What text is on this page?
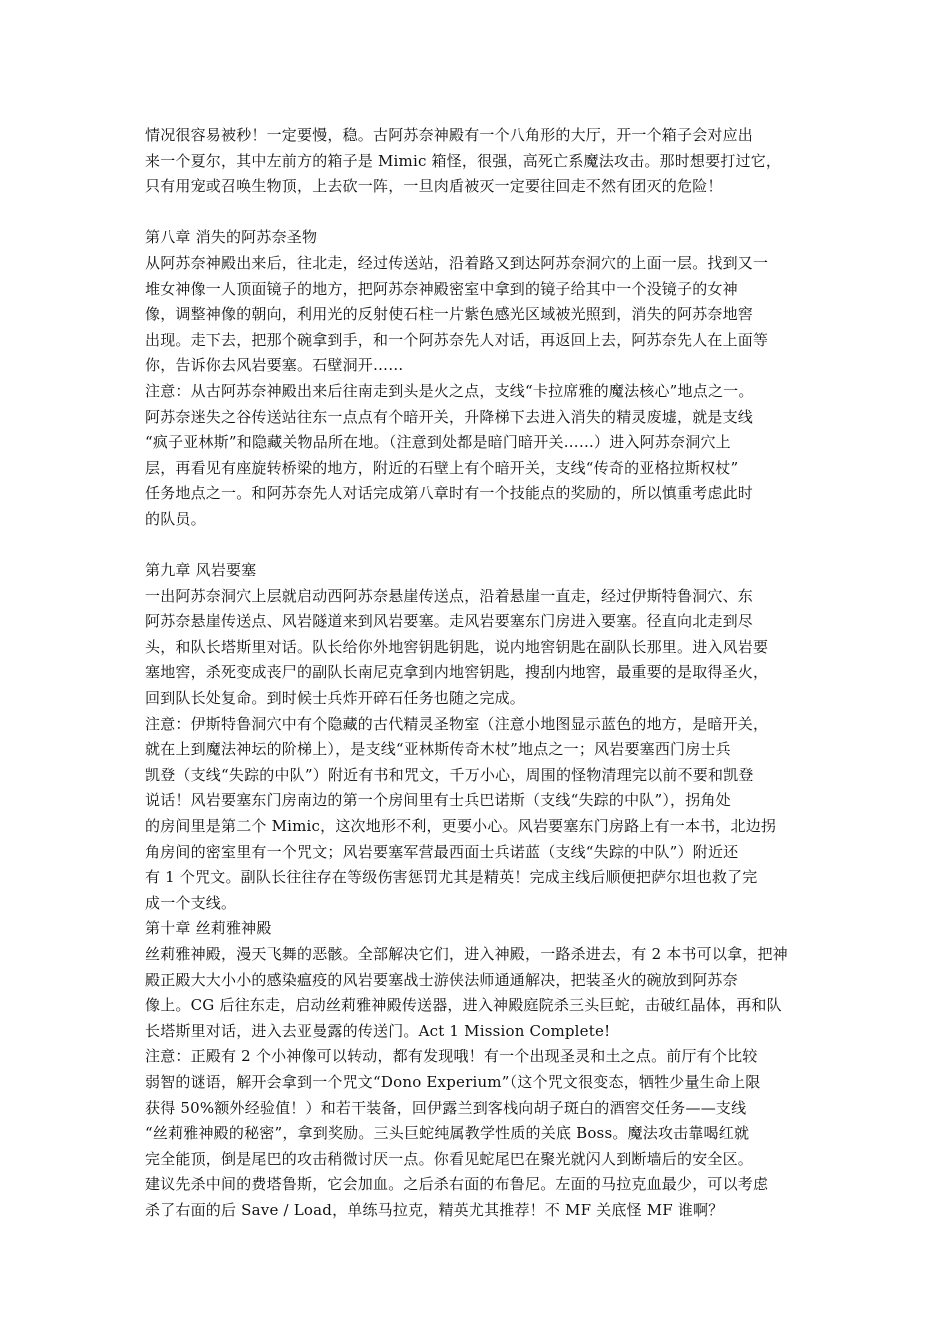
情况很容易被秒！一定要慢，稳。古阿苏奈神殿有一个八角形的大厅，开一个箱子会对应出
来一个夏尔，其中左前方的箱子是 Mimic 箱怪，很强，高死亡系魔法攻击。那时想要打过它，
只有用宠或召唤生物顶，上去砍一阵，一旦肉盾被灭一定要往回走不然有团灭的危险！
第八章 消失的阿苏奈圣物
从阿苏奈神殿出来后，往北走，经过传送站，沿着路又到达阿苏奈洞穴的上面一层。找到又一
堆女神像一人顶面镜子的地方，把阿苏奈神殿密室中拿到的镜子给其中一个没镜子的女神
像，调整神像的朝向，利用光的反射使石柱一片紫色感光区域被光照到，消失的阿苏奈地窖
出现。走下去，把那个碗拿到手，和一个阿苏奈先人对话，再返回上去，阿苏奈先人在上面等
你，告诉你去风岩要塞。石壁洞开……
注意：从古阿苏奈神殿出来后往南走到头是火之点，支线“卡拉席雅的魔法核心”地点之一。
阿苏奈迷失之谷传送站往东一点点有个暗开关，升降梯下去进入消失的精灵废墟，就是支线
“疯子亚林斯”和隐藏关物品所在地。（注意到处都是暗门暗开关……）进入阿苏奈洞穴上
层，再看见有座旋转桥梁的地方，附近的石壁上有个暗开关，支线“传奇的亚格拉斯权杖”
任务地点之一。和阿苏奈先人对话完成第八章时有一个技能点的奖励的，所以慎重考虑此时
的队员。
第九章 风岩要塞
一出阿苏奈洞穴上层就启动西阿苏奈悬崖传送点，沿着悬崖一直走，经过伊斯特鲁洞穴、东
阿苏奈悬崖传送点、风岩隧道来到风岩要塞。走风岩要塞东门房进入要塞。径直向北走到尽
头，和队长塔斯里对话。队长给你外地窖钥匙钥匙，说内地窖钥匙在副队长那里。进入风岩要
塞地窖，杀死变成丧尸的副队长南尼克拿到内地窖钥匙，搜刮内地窖，最重要的是取得圣火，
回到队长处复命。到时候士兵炸开碎石任务也随之完成。
注意：伊斯特鲁洞穴中有个隐藏的古代精灵圣物室（注意小地图显示蓝色的地方，是暗开关，
就在上到魔法神坛的阶梯上），是支线“亚林斯传奇木杖”地点之一；风岩要塞西门房士兵
凯登（支线“失踪的中队”）附近有书和咒文，千万小心，周围的怪物清理完以前不要和凯登
说话！风岩要塞东门房南边的第一个房间里有士兵巴诺斯（支线“失踪的中队”），拐角处
的房间里是第二个 Mimic，这次地形不利，更要小心。风岩要塞东门房路上有一本书，北边拐
角房间的密室里有一个咒文；风岩要塞军营最西面士兵诺蓝（支线“失踪的中队”）附近还
有 1 个咒文。副队长往往存在等级伤害惩罚尤其是精英！完成主线后顺便把萨尔坦也救了完
成一个支线。
第十章 丝莉雅神殿
丝莉雅神殿，漫天飞舞的恶骸。全部解决它们，进入神殿，一路杀进去，有 2 本书可以拿，把神
殿正殿大大小小的感染瘟疫的风岩要塞战士游侠法师通通解决，把装圣火的碗放到阿苏奈
像上。CG 后往东走，启动丝莉雅神殿传送器，进入神殿庭院杀三头巨蛇，击破红晶体，再和队
长塔斯里对话，进入去亚曼露的传送门。Act 1 Mission Complete!
注意：正殿有 2 个小神像可以转动，都有发现哦！有一个出现圣灵和土之点。前厅有个比较
弱智的谜语，解开会拿到一个咒文“Dono Experium”（这个咒文很变态，牺牲少量生命上限
获得 50%额外经验值！）和若干装备，回伊露兰到客栈向胡子斑白的酒窖交任务——支线
“丝莉雅神殿的秘密”，拿到奖励。三头巨蛇纯属教学性质的关底 Boss。魔法攻击靠喝红就
完全能顶，倒是尾巴的攻击稍微讨厌一点。你看见蛇尾巴在聚光就闪人到断墙后的安全区。
建议先杀中间的费塔鲁斯，它会加血。之后杀右面的布鲁尼。左面的马拉克血最少，可以考虑
杀了右面的后 Save / Load，单练马拉克，精英尤其推荐！不 MF 关底怪 MF 谁啊？
